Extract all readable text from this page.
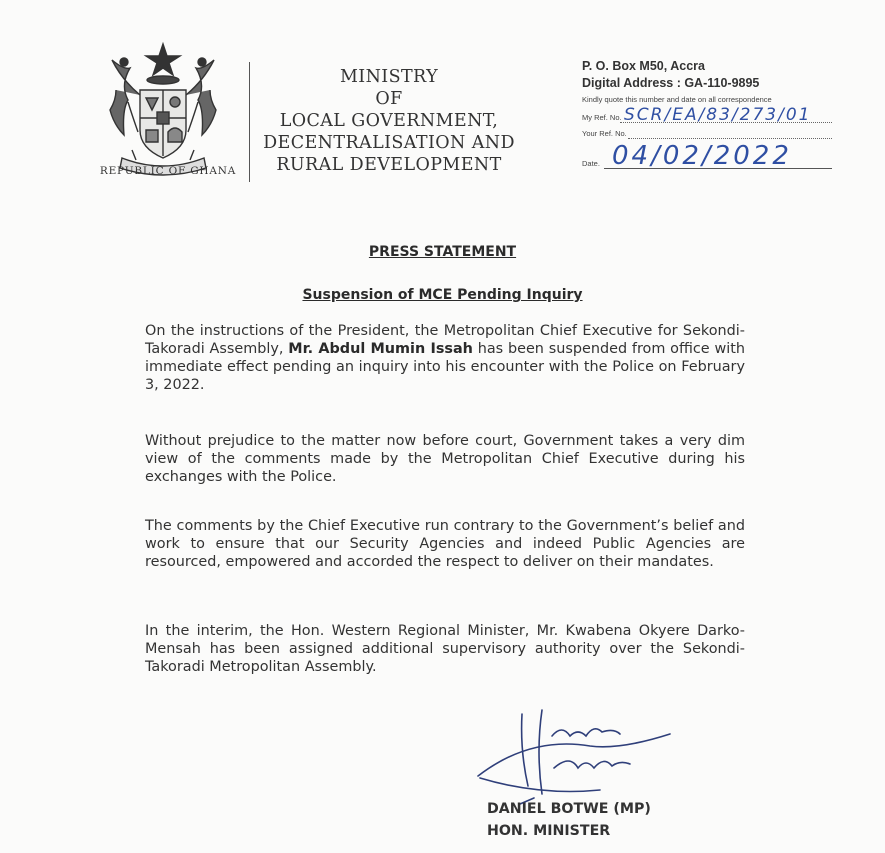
REPUBLIC OF GHANA
MINISTRY
OF
LOCAL GOVERNMENT,
DECENTRALISATION AND
RURAL DEVELOPMENT
P. O. Box M50, Accra
Digital Address : GA-110-9895
Kindly quote this number and date on all correspondence
My Ref. No. SCR/EA/83/273/01
Your Ref. No.
Date. 04/02/2022
PRESS STATEMENT
Suspension of MCE Pending Inquiry

On the instructions of the President, the Metropolitan Chief Executive for Sekondi-Takoradi Assembly, Mr. Abdul Mumin Issah has been suspended from office with immediate effect pending an inquiry into his encounter with the Police on February 3, 2022.

Without prejudice to the matter now before court, Government takes a very dim view of the comments made by the Metropolitan Chief Executive during his exchanges with the Police.

The comments by the Chief Executive run contrary to the Government’s belief and work to ensure that our Security Agencies and indeed Public Agencies are resourced, empowered and accorded the respect to deliver on their mandates.

In the interim, the Hon. Western Regional Minister, Mr. Kwabena Okyere Darko-Mensah has been assigned additional supervisory authority over the Sekondi-Takoradi Metropolitan Assembly.

DANIEL BOTWE (MP)
HON. MINISTER
